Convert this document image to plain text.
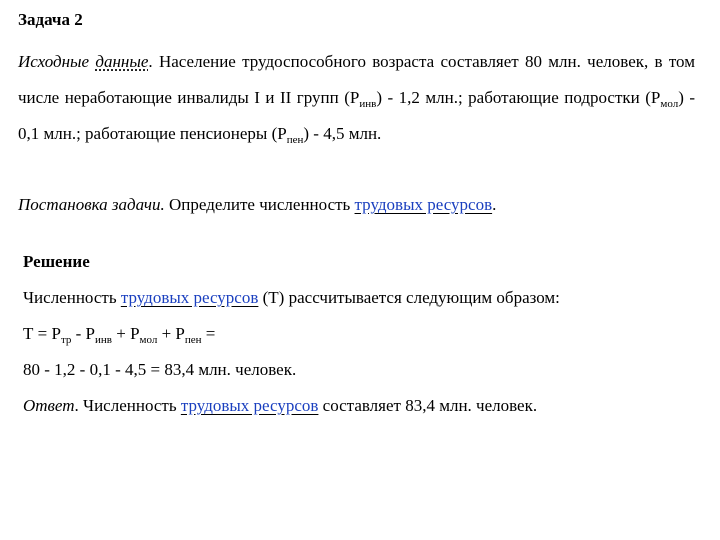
Задача 2
Исходные данные. Население трудоспособного возраста составляет 80 млн. человек, в том числе неработающие инвалиды I и II групп $(Р_{инв}) - 1,2$ млн.; работающие подростки $(Р_{мол}) - 0,1$ млн.; работающие пенсионеры $(Р_{пен}) - 4,5$ млн.
Постановка задачи. Определите численность трудовых ресурсов.
Решение
Численность трудовых ресурсов (Т) рассчитывается следующим образом:
$Т = Р_{тр} - Р_{инв} + Р_{мол} + Р_{пен}$ =
80 - 1,2 - 0,1 - 4,5 = 83,4 млн. человек.
Ответ. Численность трудовых ресурсов составляет 83,4 млн. человек.
